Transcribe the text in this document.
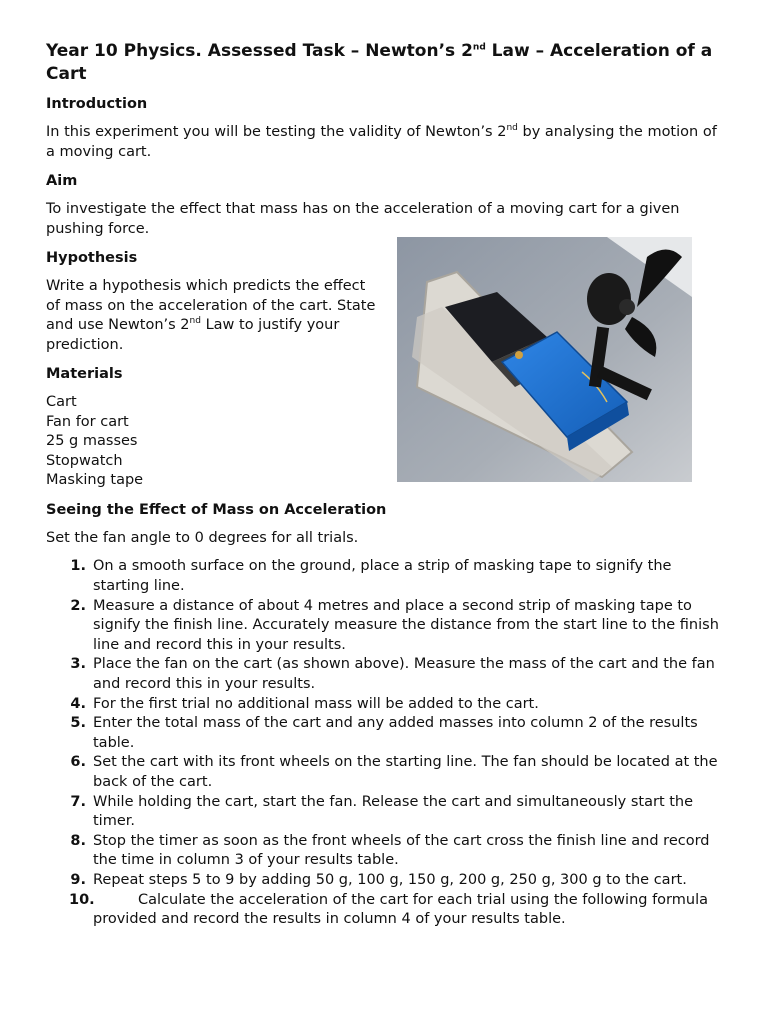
Year 10 Physics. Assessed Task – Newton’s 2nd Law – Acceleration of a Cart
Introduction

In this experiment you will be testing the validity of Newton’s 2nd by analysing the motion of a moving cart.

Aim

To investigate the effect that mass has on the acceleration of a moving cart for a given pushing force.

Hypothesis

Write a hypothesis which predicts the effect of mass on the acceleration of the cart. State and use Newton’s 2nd Law to justify your prediction.

Materials
Cart
Fan for cart
25 g masses
Stopwatch
Masking tape
Seeing the Effect of Mass on Acceleration

Set the fan angle to 0 degrees for all trials.

1. On a smooth surface on the ground, place a strip of masking tape to signify the starting line.
2. Measure a distance of about 4 metres and place a second strip of masking tape to signify the finish line. Accurately measure the distance from the start line to the finish line and record this in your results.
3. Place the fan on the cart (as shown above). Measure the mass of the cart and the fan and record this in your results.
4. For the first trial no additional mass will be added to the cart.
5. Enter the total mass of the cart and any added masses into column 2 of the results table.
6. Set the cart with its front wheels on the starting line. The fan should be located at the back of the cart.
7. While holding the cart, start the fan. Release the cart and simultaneously start the timer.
8. Stop the timer as soon as the front wheels of the cart cross the finish line and record the time in column 3 of your results table.
9. Repeat steps 5 to 9 by adding 50 g, 100 g, 150 g, 200 g, 250 g, 300 g to the cart.
10.	Calculate the acceleration of the cart for each trial using the following formula provided and record the results in column 4 of your results table.
